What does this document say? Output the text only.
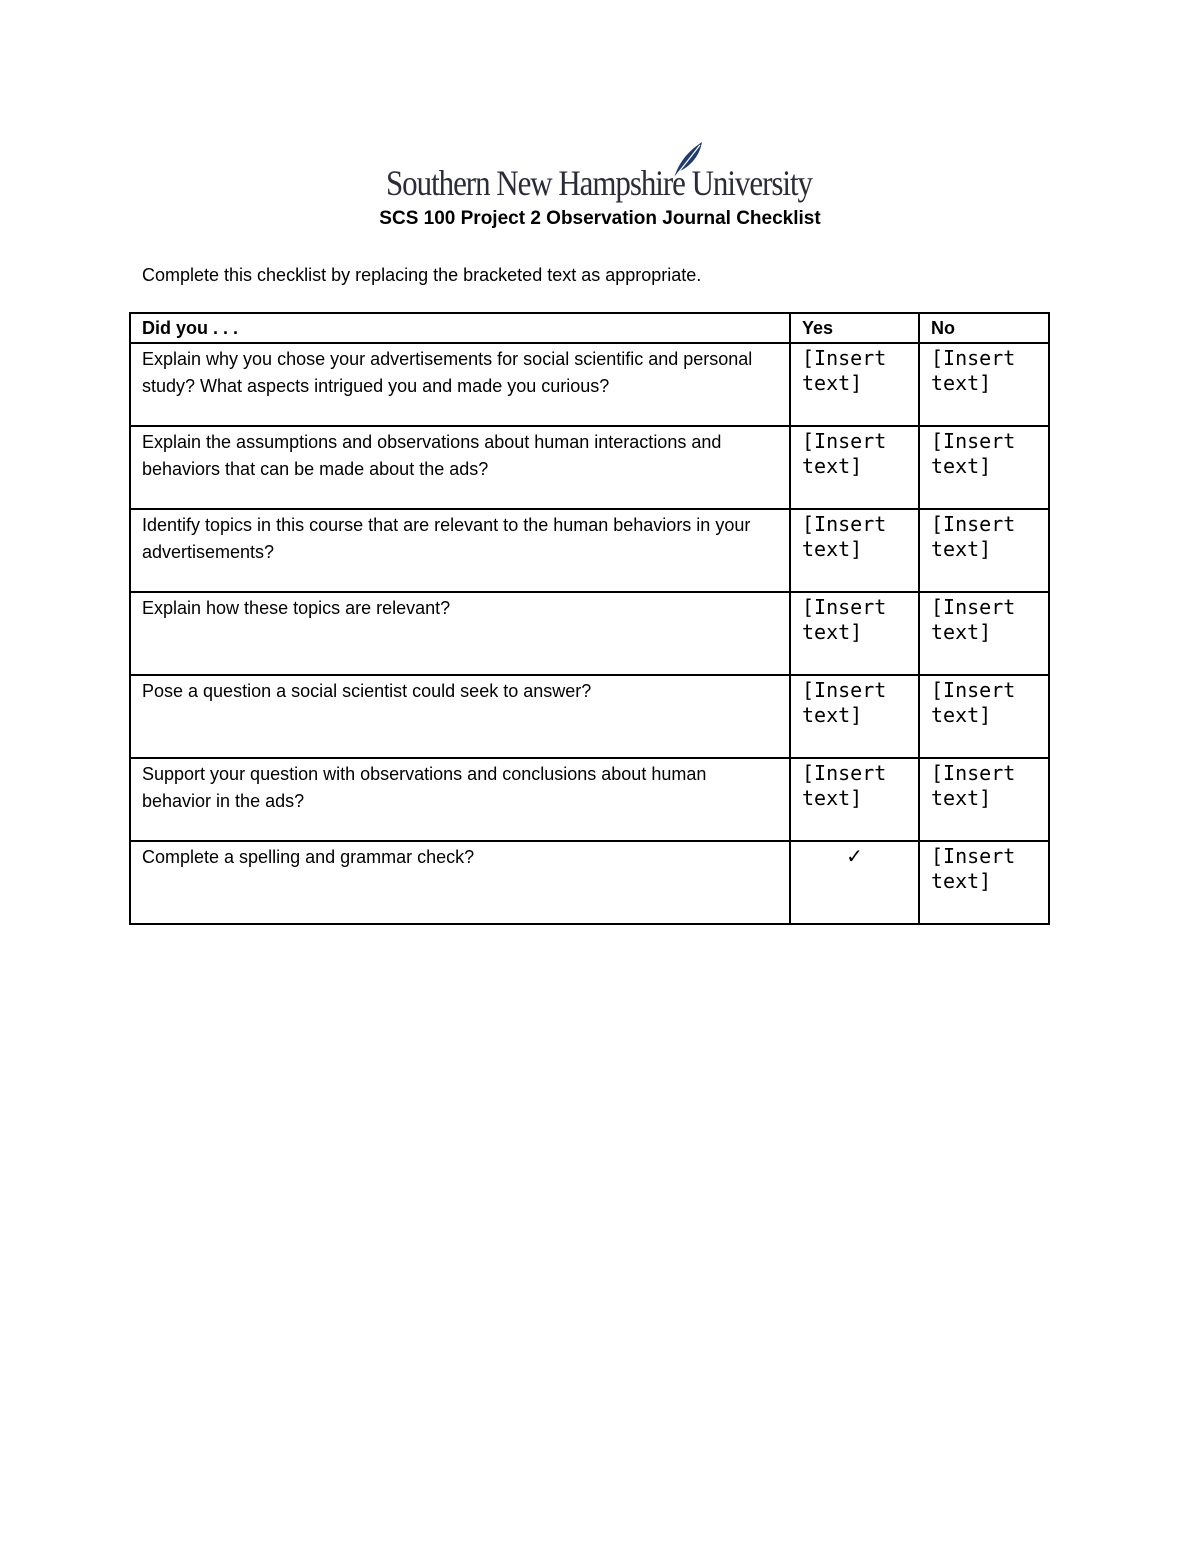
Southern New Hampshire University
SCS 100 Project 2 Observation Journal Checklist
Complete this checklist by replacing the bracketed text as appropriate.
Did you . . .	Yes	No
Explain why you chose your advertisements for social scientific and personal study? What aspects intrigued you and made you curious?	[Insert text]	[Insert text]

Explain the assumptions and observations about human interactions and behaviors that can be made about the ads?	[Insert text]	[Insert text]

Identify topics in this course that are relevant to the human behaviors in your advertisements?	[Insert text]	[Insert text]

Explain how these topics are relevant?	[Insert text]	[Insert text]

Pose a question a social scientist could seek to answer?	[Insert text]	[Insert text]

Support your question with observations and conclusions about human behavior in the ads?	[Insert text]	[Insert text]

Complete a spelling and grammar check?	✓	[Insert text]
